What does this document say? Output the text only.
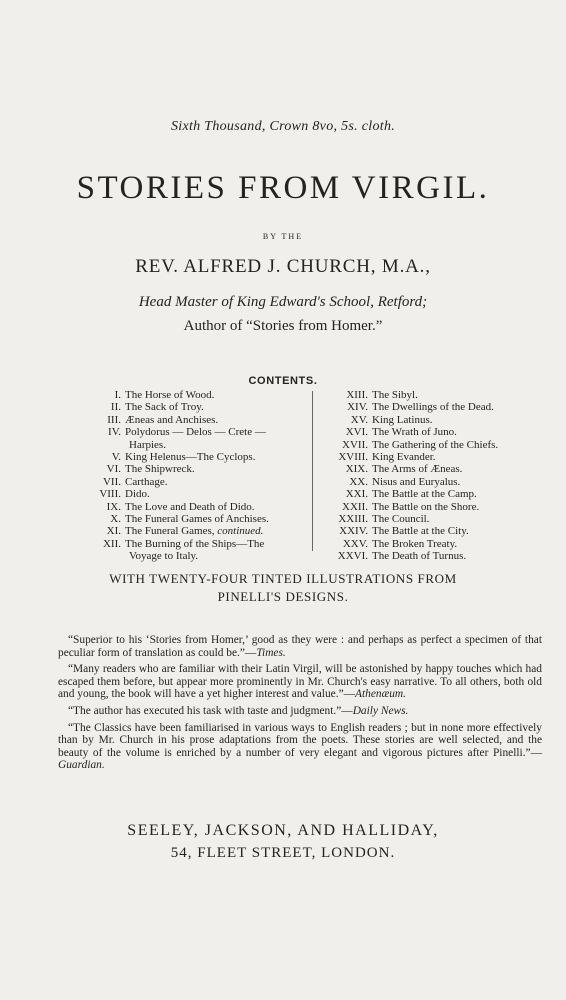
Sixth Thousand, Crown 8vo, 5s. cloth.
STORIES FROM VIRGIL.
BY THE
REV. ALFRED J. CHURCH, M.A.,
Head Master of King Edward's School, Retford;
Author of “Stories from Homer.”
CONTENTS.
I. The Horse of Wood.
II. The Sack of Troy.
III. Æneas and Anchises.
IV. Polydorus — Delos — Crete —
Harpies.
V. King Helenus—The Cyclops.
VI. The Shipwreck.
VII. Carthage.
VIII. Dido.
IX. The Love and Death of Dido.
X. The Funeral Games of Anchises.
XI. The Funeral Games, continued.
XII. The Burning of the Ships—The
Voyage to Italy.
XIII. The Sibyl.
XIV. The Dwellings of the Dead.
XV. King Latinus.
XVI. The Wrath of Juno.
XVII. The Gathering of the Chiefs.
XVIII. King Evander.
XIX. The Arms of Æneas.
XX. Nisus and Euryalus.
XXI. The Battle at the Camp.
XXII. The Battle on the Shore.
XXIII. The Council.
XXIV. The Battle at the City.
XXV. The Broken Treaty.
XXVI. The Death of Turnus.
WITH TWENTY-FOUR TINTED ILLUSTRATIONS FROM
PINELLI'S DESIGNS.
“Superior to his ‘Stories from Homer,’ good as they were : and perhaps as perfect a specimen of that peculiar form of translation as could be.”—Times.
“Many readers who are familiar with their Latin Virgil, will be astonished by happy touches which had escaped them before, but appear more prominently in Mr. Church's easy narrative. To all others, both old and young, the book will have a yet higher interest and value.”—Athenæum.
“The author has executed his task with taste and judgment.”—Daily News.
“The Classics have been familiarised in various ways to English readers ; but in none more effectively than by Mr. Church in his prose adaptations from the poets. These stories are well selected, and the beauty of the volume is enriched by a number of very elegant and vigorous pictures after Pinelli.”—Guardian.
SEELEY, JACKSON, AND HALLIDAY,
54, FLEET STREET, LONDON.
